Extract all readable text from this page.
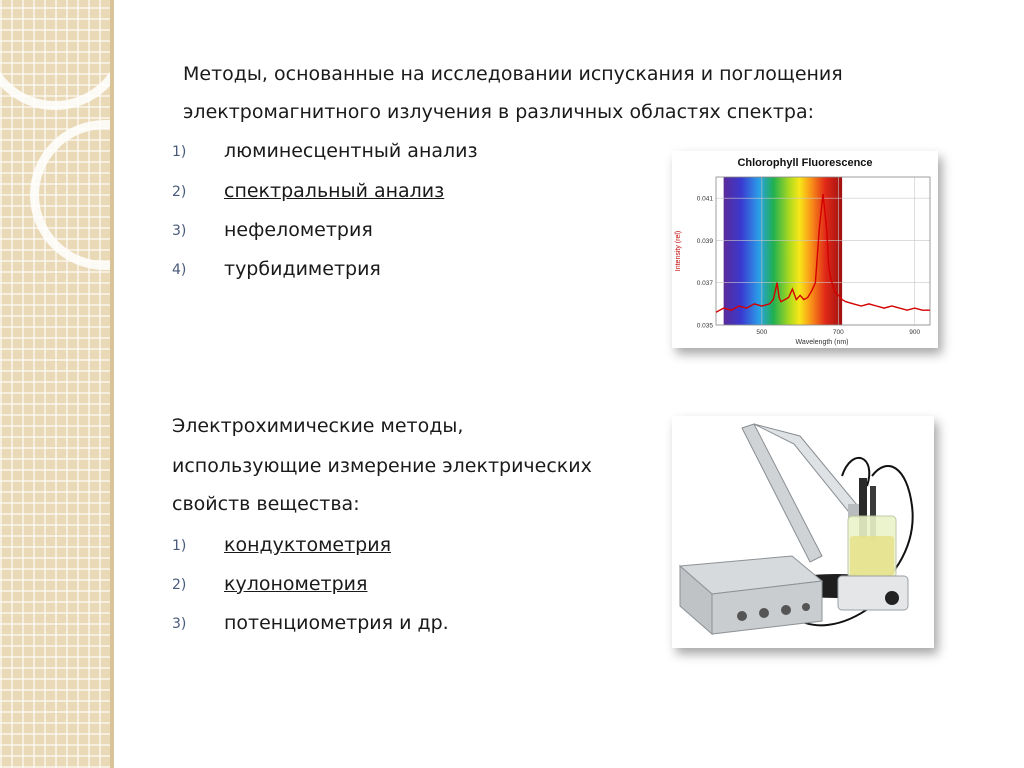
Методы, основанные на исследовании испускания и поглощения
электромагнитного излучения в различных областях спектра:
1) люминесцентный анализ
2) спектральный анализ
3) нефелометрия
4) турбидиметрия
Электрохимические методы,
использующие измерение электрических
свойств вещества:
1) кондуктометрия
2) кулонометрия
3) потенциометрия и др.
Chlorophyll Fluorescence
0.035
0.037
0.039
0.041
500	700	900
Wavelength (nm)
Intensity (rel)
